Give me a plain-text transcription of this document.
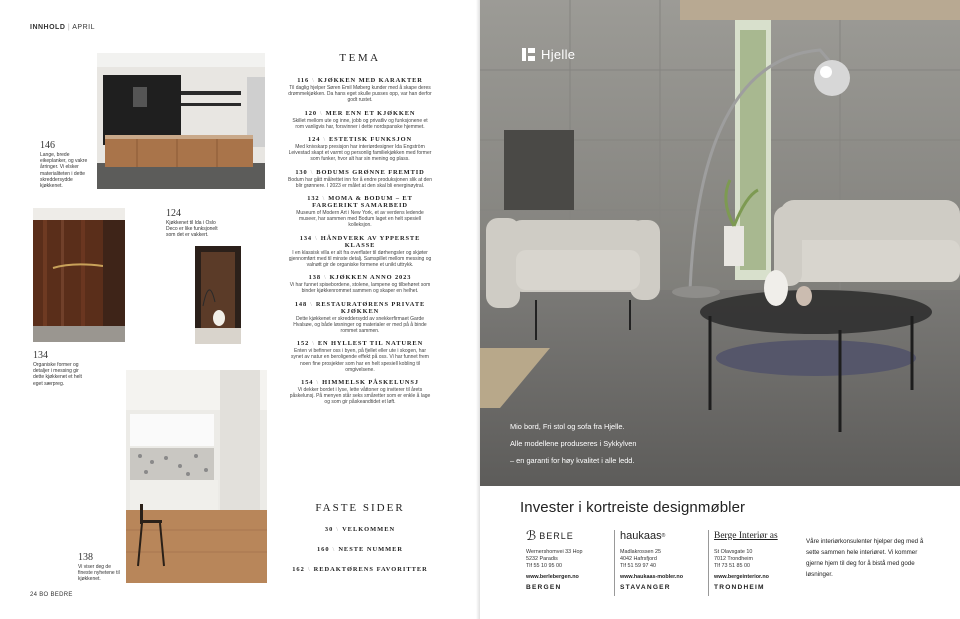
INNHOLD | APRIL
146
Lange, brede eikeplanker, og vakre årringer. Vi elsker materialiteten i dette skreddersydde kjøkkenet.
134
Organiske former og detaljer i messing gir dette kjøkkenet et helt eget særpreg.
124
Kjøkkenet til Ida i Oslo Deco er like funksjonelt som det er vakkert.
138
Vi viser deg de fineste nyhetene til kjøkkenet.
TEMA
116 \ KJØKKEN MED KARAKTER
Til daglig hjelper Søren Emil Møberg kunder med å skape deres drømmekjøkken. Da hans eget skulle pusses opp, var han derfor godt rustet.
120 \ MER ENN ET KJØKKEN
Skillet mellom ute og inne, jobb og privatliv og funksjonene et rom vanligvis har, forsvinner i dette nordspanske hjemmet.
124 \ ESTETISK FUNKSJON
Med knivskarp presisjon har interiørdesigner Ida Engström Leivestad skapt et varmt og personlig familiekjøkken med former som funker, hvor alt har sin mening og plass.
130 \ BODUMS GRØNNE FREMTID
Bodum har gått målrettet inn for å endre produksjonen slik at den blir grønnere. I 2023 er målet at den skal bli energinøytral.
132 \ MOMA & BODUM – ET FARGERIKT SAMARBEID
Museum of Modern Art i New York, et av verdens ledende museer, har sammen med Bodum laget en helt spesiell kolleksjon.
134 \ HÅNDVERK AV YPPERSTE KLASSE
I en klassisk villa er alt fra overflater til dørhengsler og skjøter gjennomført med til minste detalj. Samspillet mellom messing og valnøtt gir de organiske formene et unikt uttrykk.
138 \ KJØKKEN ANNO 2023
Vi har funnet spisebordene, stolene, lampene og tilbehøret som binder kjøkkenrommet sammen og skaper en helhet.
148 \ RESTAURATØRENS PRIVATE KJØKKEN
Dette kjøkkenet er skreddersydd av snekkerfirmaet Garde Hvalsøe, og både løsninger og materialer er med på å binde rommet sammen.
152 \ EN HYLLEST TIL NATUREN
Enten vi befinner oss i byen, på fjellet eller ute i skogen, har synet av natur en beroligende effekt på oss. Vi har funnet frem noen fine prosjekter som har en helt spesiell kobling til omgivelsene.
154 \ HIMMELSK PÅSKELUNSJ
Vi dekker bordet i lyse, lette våttoner og inviterer til årets påskelunsj. På menyen står seks småretter som er enkle å lage og som gir påskeandtidet et løft.
FASTE SIDER
30 \ VELKOMMEN
160 \ NESTE NUMMER
162 \ REDAKTØRENS FAVORITTER
24 BO BEDRE
Hjelle
Mio bord, Fri stol og sofa fra Hjelle.
Alle modellene produseres i Sykkylven
– en garanti for høy kvalitet i alle ledd.
Invester i kortreiste designmøbler
ℬ BERLE
Wernershomvei 33 Hop
5232 Paradis
Tlf 55 10 95 00
www.berlebergen.no
BERGEN
haukaas ®
Madlakrossen 25
4042 Hafrsfjord
Tlf 51 59 97 40
www.haukaas-mobler.no
STAVANGER
Berge Interiør as
St Olavsgate 10
7012 Trondheim
Tlf 73 51 85 00
www.bergeinterior.no
TRONDHEIM
Våre interiørkonsulenter hjelper deg med å sette sammen hele interiøret. Vi kommer gjerne hjem til deg for å bistå med gode løsninger.
